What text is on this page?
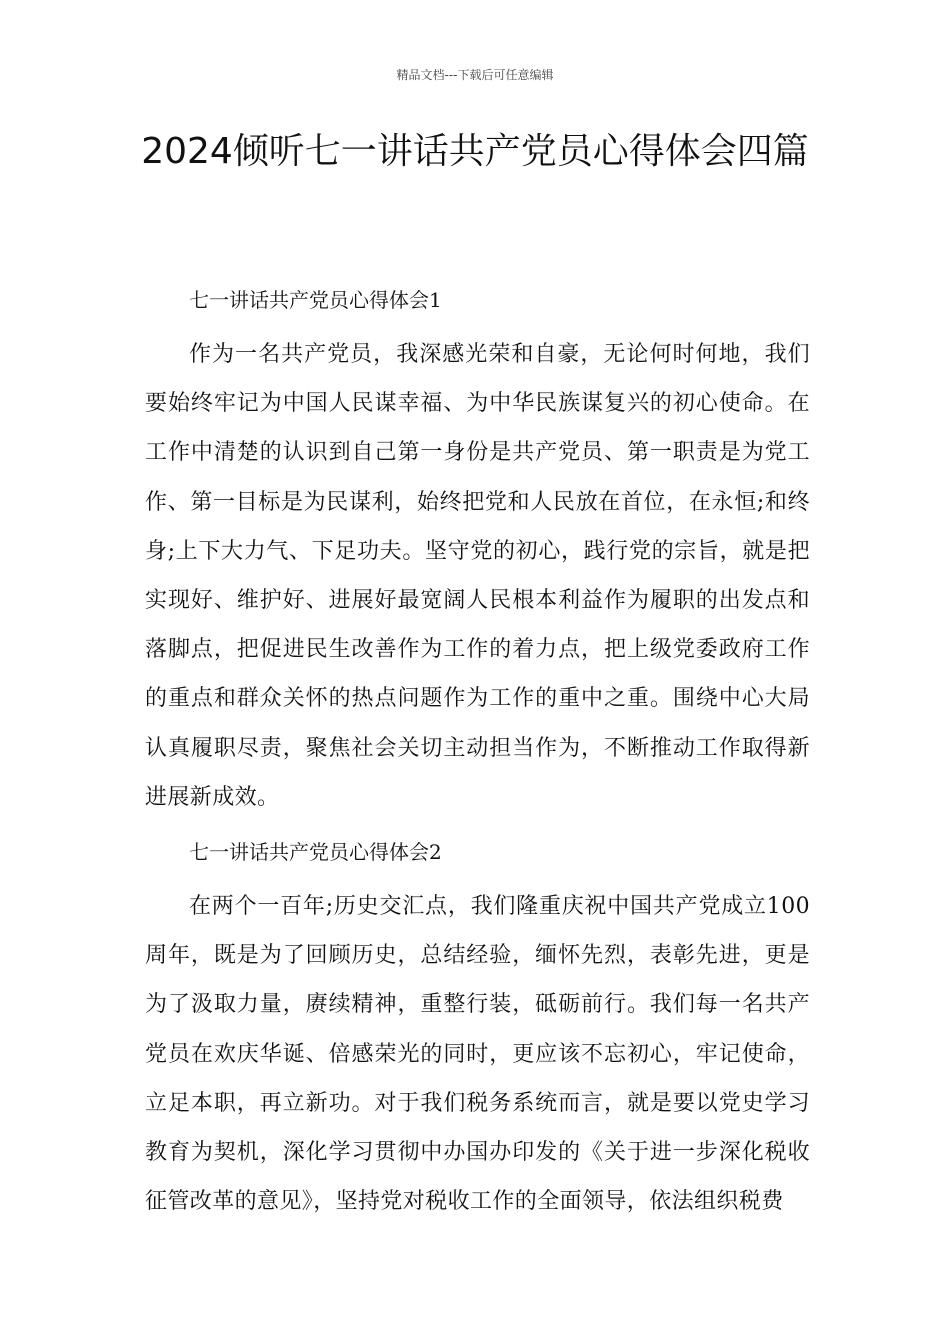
精品文档---下载后可任意编辑
2024倾听七一讲话共产党员心得体会四篇

七一讲话共产党员心得体会1

作为一名共产党员，我深感光荣和自豪，无论何时何地，我们要始终牢记为中国人民谋幸福、为中华民族谋复兴的初心使命。在工作中清楚的认识到自己第一身份是共产党员、第一职责是为党工作、第一目标是为民谋利，始终把党和人民放在首位，在永恒;和终身;上下大力气、下足功夫。坚守党的初心，践行党的宗旨，就是把实现好、维护好、进展好最宽阔人民根本利益作为履职的出发点和落脚点，把促进民生改善作为工作的着力点，把上级党委政府工作的重点和群众关怀的热点问题作为工作的重中之重。围绕中心大局认真履职尽责，聚焦社会关切主动担当作为，不断推动工作取得新进展新成效。

七一讲话共产党员心得体会2

在两个一百年;历史交汇点，我们隆重庆祝中国共产党成立100周年，既是为了回顾历史，总结经验，缅怀先烈，表彰先进，更是为了汲取力量，赓续精神，重整行装，砥砺前行。我们每一名共产党员在欢庆华诞、倍感荣光的同时，更应该不忘初心，牢记使命，立足本职，再立新功。对于我们税务系统而言，就是要以党史学习教育为契机，深化学习贯彻中办国办印发的《关于进一步深化税收征管改革的意见》，坚持党对税收工作的全面领导，依法组织税费
